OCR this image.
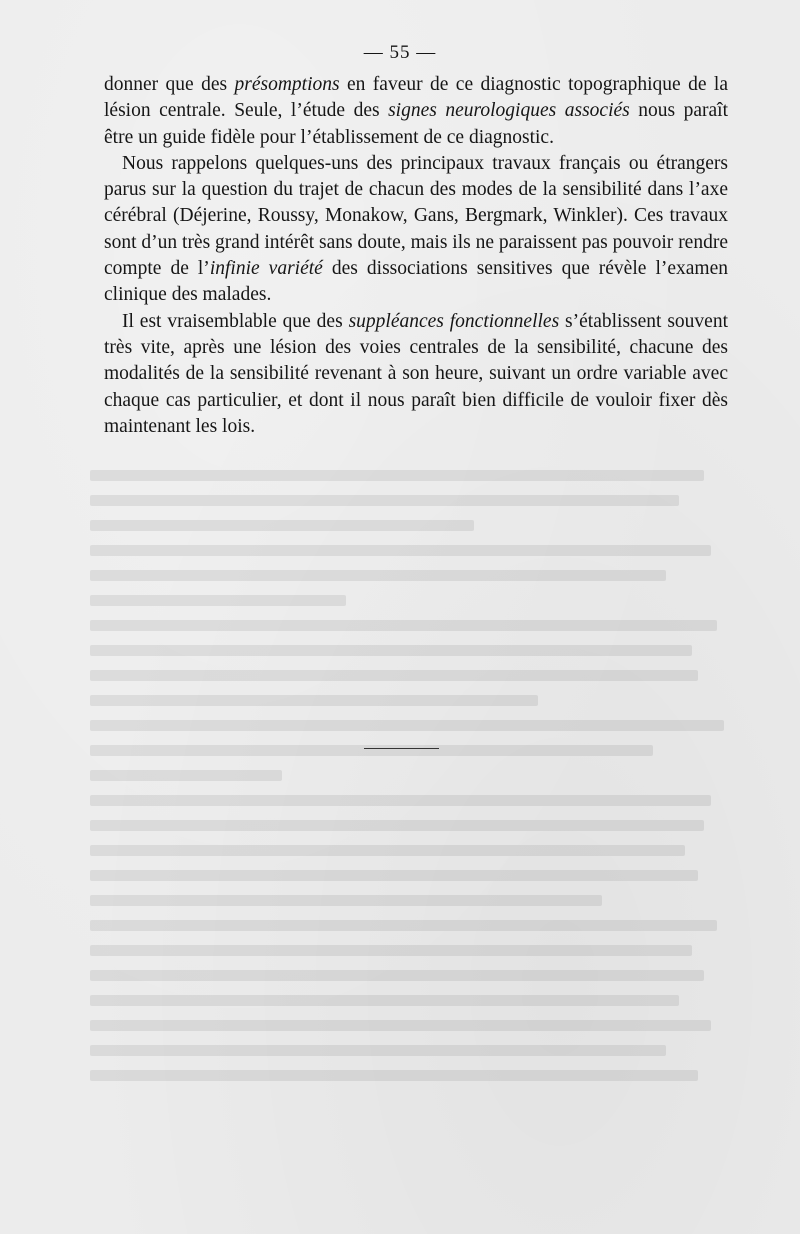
— 55 —

donner que des présomptions en faveur de ce diagnostic topographique de la lésion centrale. Seule, l’étude des signes neurologiques associés nous paraît être un guide fidèle pour l’établissement de ce diagnostic.

Nous rappelons quelques-uns des principaux travaux français ou étrangers parus sur la question du trajet de chacun des modes de la sensibilité dans l’axe cérébral (Déjerine, Roussy, Monakow, Gans, Bergmark, Winkler). Ces travaux sont d’un très grand intérêt sans doute, mais ils ne paraissent pas pouvoir rendre compte de l’infinie variété des dissociations sensitives que révèle l’examen clinique des malades.

Il est vraisemblable que des suppléances fonctionnelles s’établissent souvent très vite, après une lésion des voies centrales de la sensibilité, chacune des modalités de la sensibilité revenant à son heure, suivant un ordre variable avec chaque cas particulier, et dont il nous paraît bien difficile de vouloir fixer dès maintenant les lois.
